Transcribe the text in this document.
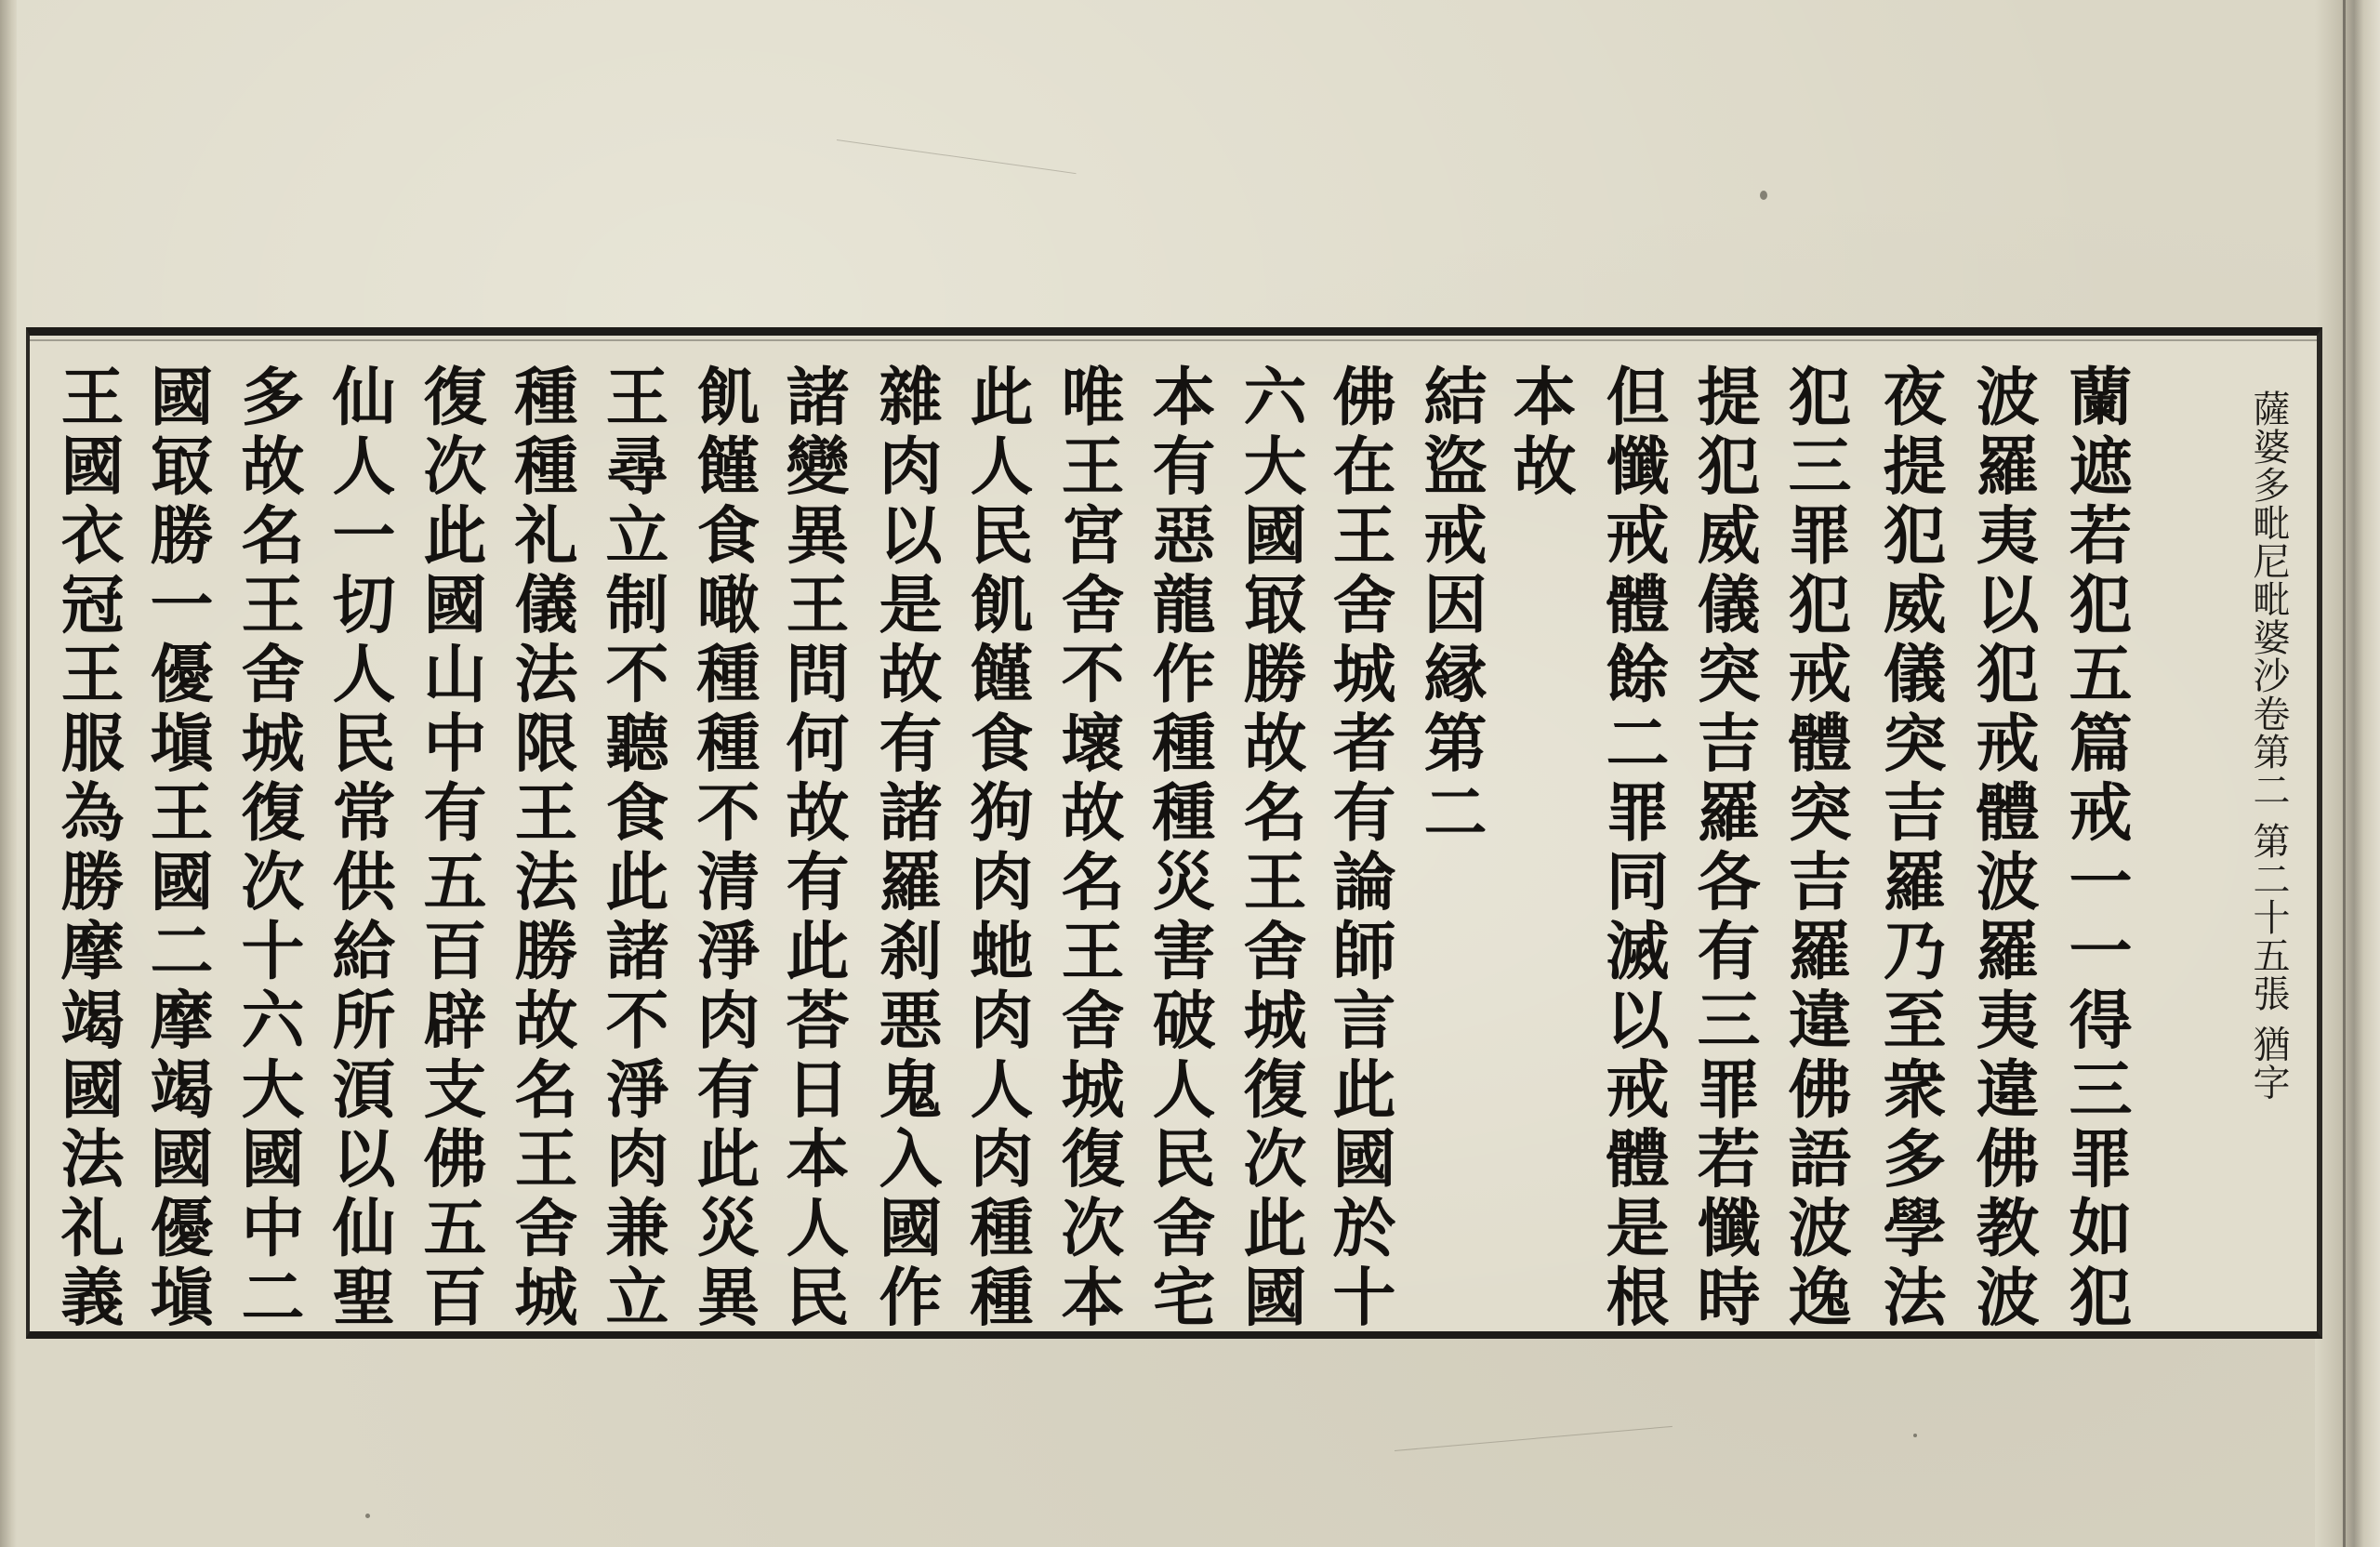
薩婆多毗尼毗婆沙卷第二 第二十五張 猶字
蘭遮若犯五篇戒一一得三罪如犯
波羅夷以犯戒體波羅夷違佛教波
夜提犯威儀突吉羅乃至衆多學法
犯三罪犯戒體突吉羅違佛語波逸
提犯威儀突吉羅各有三罪若懺時
但懺戒體餘二罪同滅以戒體是根
本故
結盜戒因縁第二
佛在王舍城者有論師言此國於十
六大國冣勝故名王舍城復次此國
本有惡龍作種種災害破人民舍宅
唯王宮舍不壞故名王舍城復次本
此人民飢饉食狗肉虵肉人肉種種
雜肉以是故有諸羅刹悪鬼入國作
諸變異王問何故有此荅日本人民
飢饉食噉種種不清淨肉有此災異
王尋立制不聽食此諸不淨肉兼立
種種礼儀法限王法勝故名王舍城
復次此國山中有五百辟支佛五百
仙人一切人民常供給所湏以仙聖
多故名王舍城復次十六大國中二
國冣勝一優塡王國二摩竭國優塡
王國衣冠王服為勝摩竭國法礼義
